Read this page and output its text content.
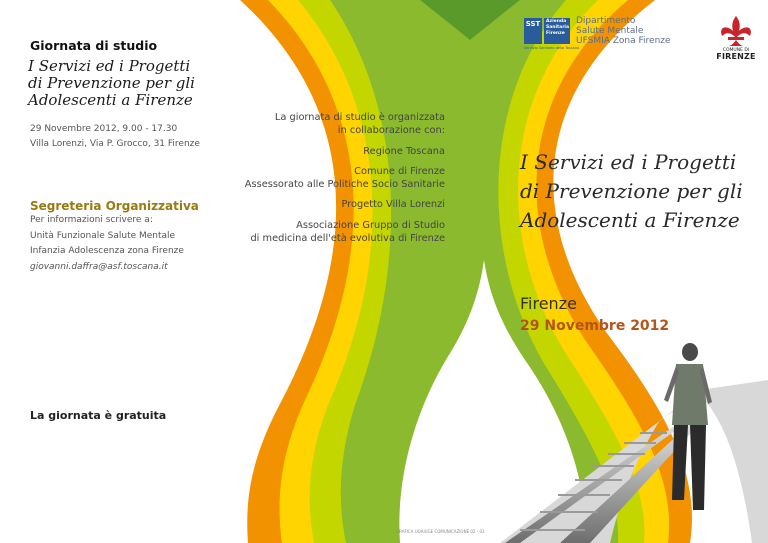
SST	Azienda
Sanitaria
Firenze
Servizio Sanitario della Toscana
Dipartimento
Salute Mentale
UFSMIA Zona Firenze
COMUNE DI
FIRENZE
Giornata di studio
I Servizi ed i Progetti
di Prevenzione per gli
Adolescenti a Firenze
29 Novembre 2012, 9.00 - 17.30
Villa Lorenzi, Via P. Grocco, 31 Firenze
Segreteria Organizzativa
Per informazioni scrivere a:
Unità Funzionale Salute Mentale
Infanzia Adolescenza zona Firenze
giovanni.daffra@asf.toscana.it
La giornata è gratuita
La giornata di studio è organizzata
in collaborazione con:
Regione Toscana
Comune di Firenze
Assessorato alle Politiche Socio Sanitarie
Progetto Villa Lorenzi
Associazione Gruppo di Studio
di medicina dell'età evolutiva di Firenze
I Servizi ed i Progetti
di Prevenzione per gli
Adolescenti a Firenze
Firenze
29 Novembre 2012
GRAFICA UOAIUGE COMUNICAZIONE 02 - 03
